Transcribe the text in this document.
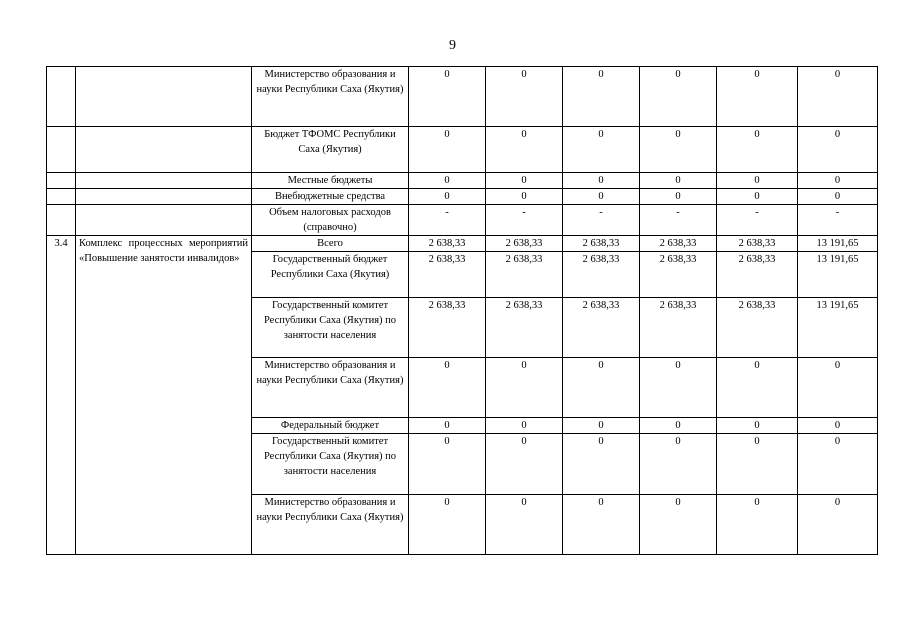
9
		Министерство образования и науки Республики Саха (Якутия)	0	0	0	0	0	0
		Бюджет ТФОМС Республики Саха (Якутия)	0	0	0	0	0	0
		Местные бюджеты	0	0	0	0	0	0
		Внебюджетные средства	0	0	0	0	0	0
		Объем налоговых расходов (справочно)	-	-	-	-	-	-
3.4	Комплекс процессных мероприятий «Повышение занятости инвалидов»	Всего	2 638,33	2 638,33	2 638,33	2 638,33	2 638,33	13 191,65
		Государственный бюджет Республики Саха (Якутия)	2 638,33	2 638,33	2 638,33	2 638,33	2 638,33	13 191,65
		Государственный комитет Республики Саха (Якутия) по занятости населения	2 638,33	2 638,33	2 638,33	2 638,33	2 638,33	13 191,65
		Министерство образования и науки Республики Саха (Якутия)	0	0	0	0	0	0
		Федеральный бюджет	0	0	0	0	0	0
		Государственный комитет Республики Саха (Якутия) по занятости населения	0	0	0	0	0	0
		Министерство образования и науки Республики Саха (Якутия)	0	0	0	0	0	0
